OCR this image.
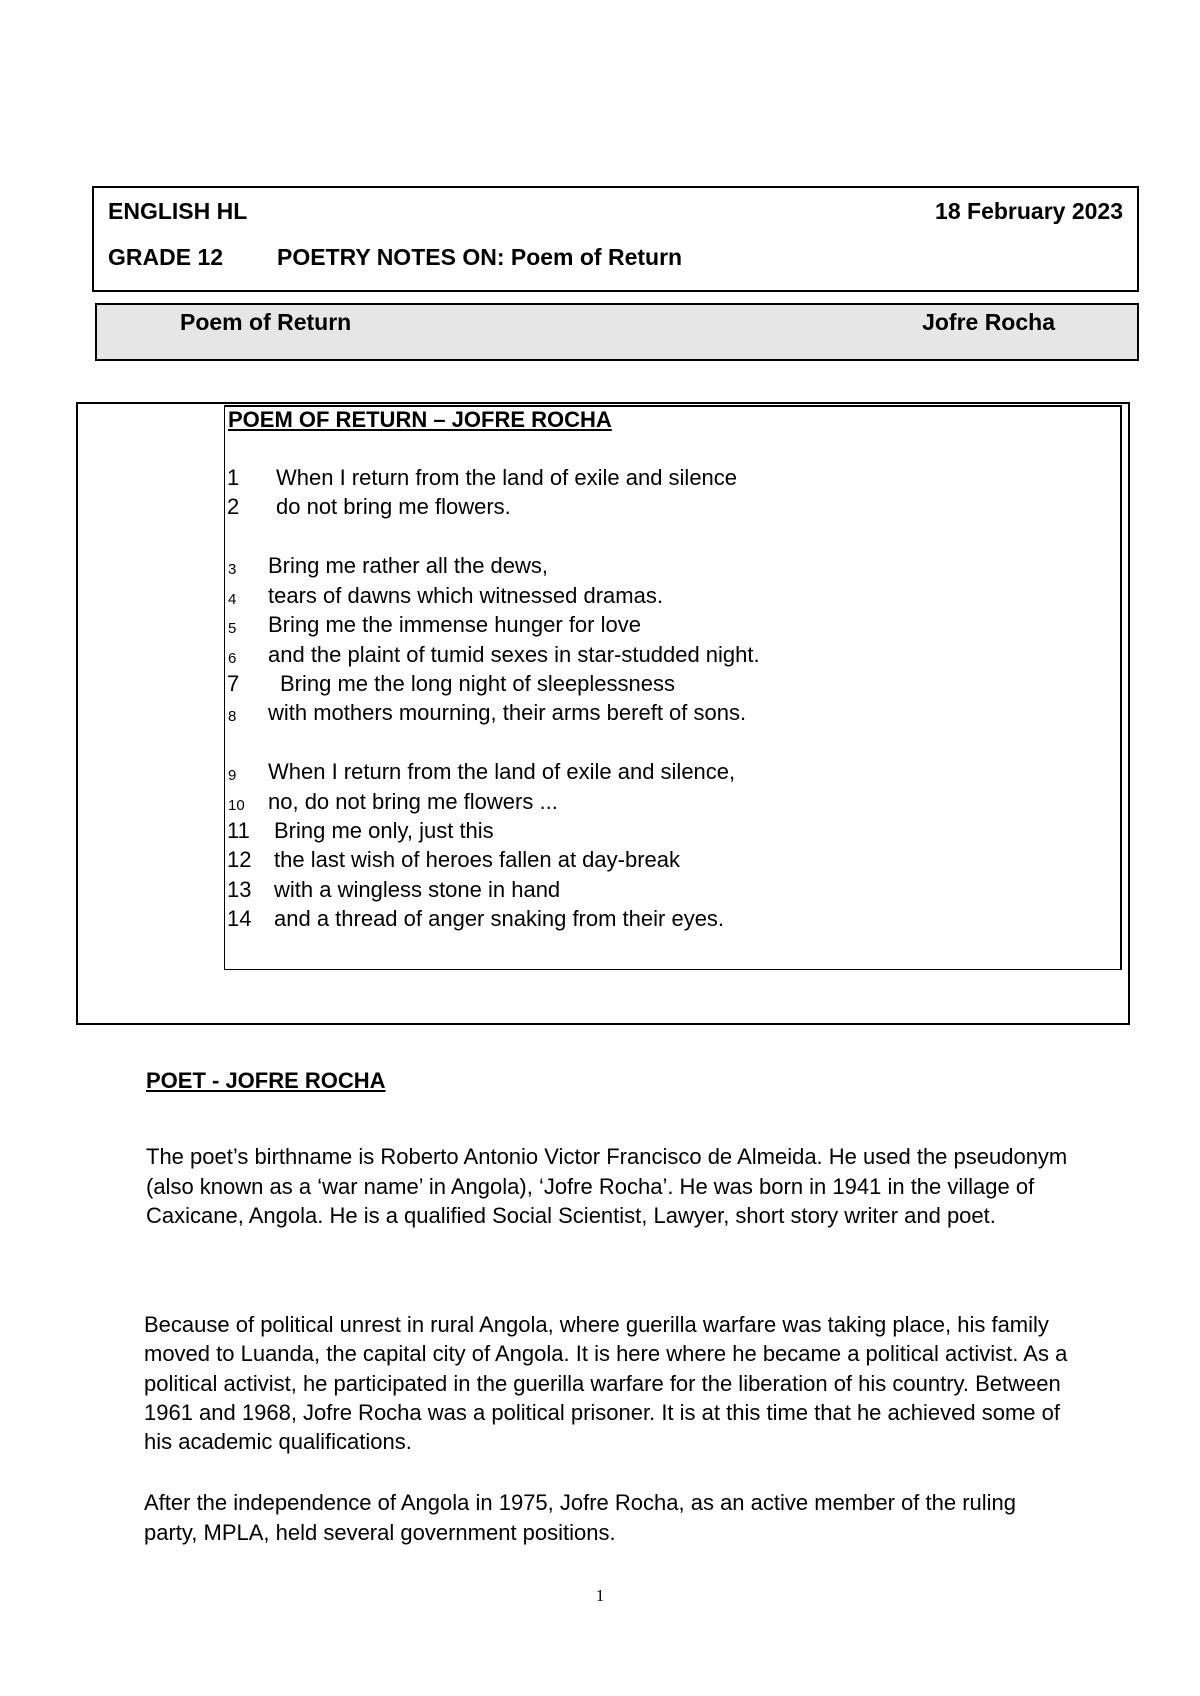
ENGLISH HL	18 February 2023
GRADE 12 POETRY NOTES ON: Poem of Return
Poem of Return	Jofre Rocha
POEM OF RETURN – JOFRE ROCHA
1 When I return from the land of exile and silence
2 do not bring me flowers.
3 Bring me rather all the dews,
4 tears of dawns which witnessed dramas.
5 Bring me the immense hunger for love
6 and the plaint of tumid sexes in star-studded night.
7 Bring me the long night of sleeplessness
8 with mothers mourning, their arms bereft of sons.
9 When I return from the land of exile and silence,
10 no, do not bring me flowers ...
11 Bring me only, just this
12 the last wish of heroes fallen at day-break
13 with a wingless stone in hand
14 and a thread of anger snaking from their eyes.
POET - JOFRE ROCHA
The poet’s birthname is Roberto Antonio Victor Francisco de Almeida. He used the pseudonym (also known as a ‘war name’ in Angola), ‘Jofre Rocha’. He was born in 1941 in the village of Caxicane, Angola. He is a qualified Social Scientist, Lawyer, short story writer and poet.
Because of political unrest in rural Angola, where guerilla warfare was taking place, his family moved to Luanda, the capital city of Angola. It is here where he became a political activist. As a political activist, he participated in the guerilla warfare for the liberation of his country. Between 1961 and 1968, Jofre Rocha was a political prisoner. It is at this time that he achieved some of his academic qualifications.
After the independence of Angola in 1975, Jofre Rocha, as an active member of the ruling party, MPLA, held several government positions.
1
